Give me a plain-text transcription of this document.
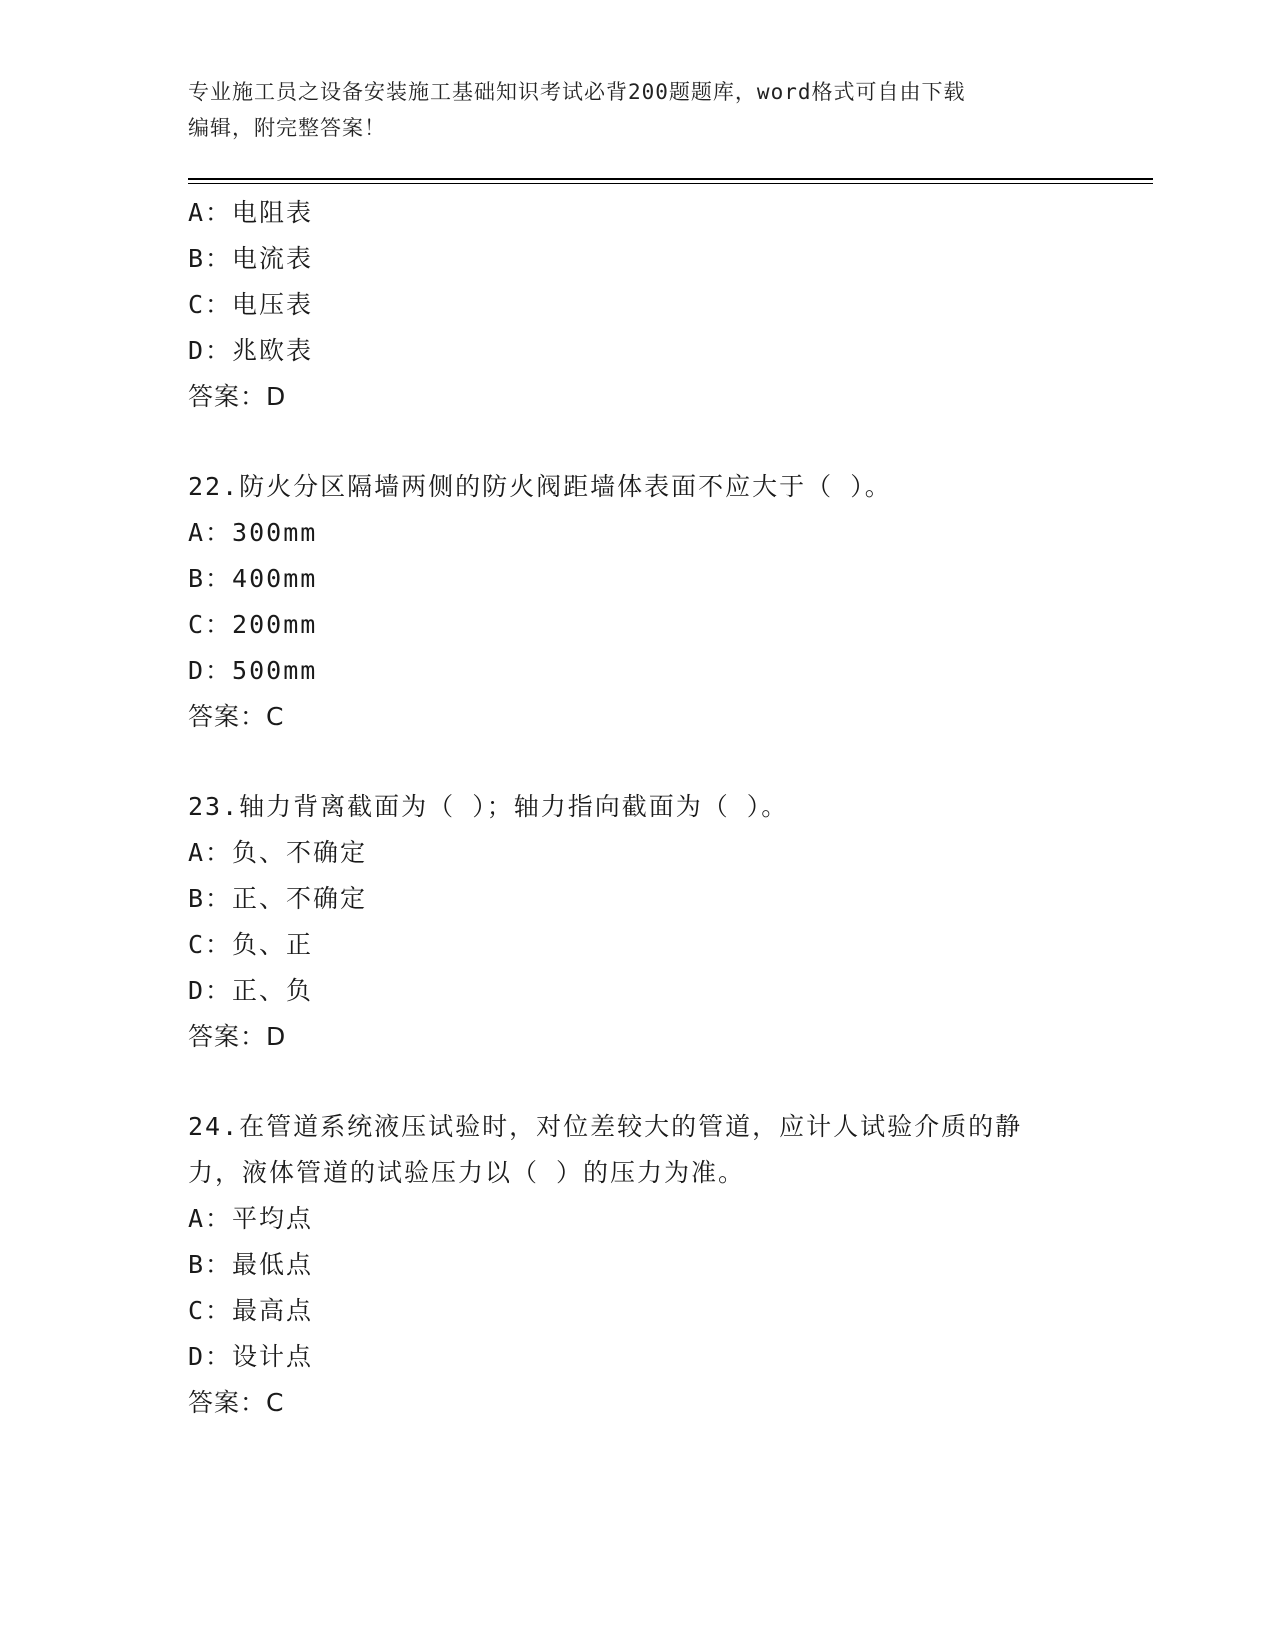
专业施工员之设备安装施工基础知识考试必背200题题库，word格式可自由下载
编辑，附完整答案！
A：电阻表
B：电流表
C：电压表
D：兆欧表
答案：D
22.防火分区隔墙两侧的防火阀距墙体表面不应大于（ ）。
A：300mm
B：400mm
C：200mm
D：500mm
答案：C
23.轴力背离截面为（ ）；轴力指向截面为（ ）。
A：负、不确定
B：正、不确定
C：负、正
D：正、负
答案：D
24.在管道系统液压试验时，对位差较大的管道，应计人试验介质的静
力，液体管道的试验压力以（ ）的压力为准。
A：平均点
B：最低点
C：最高点
D：设计点
答案：C
